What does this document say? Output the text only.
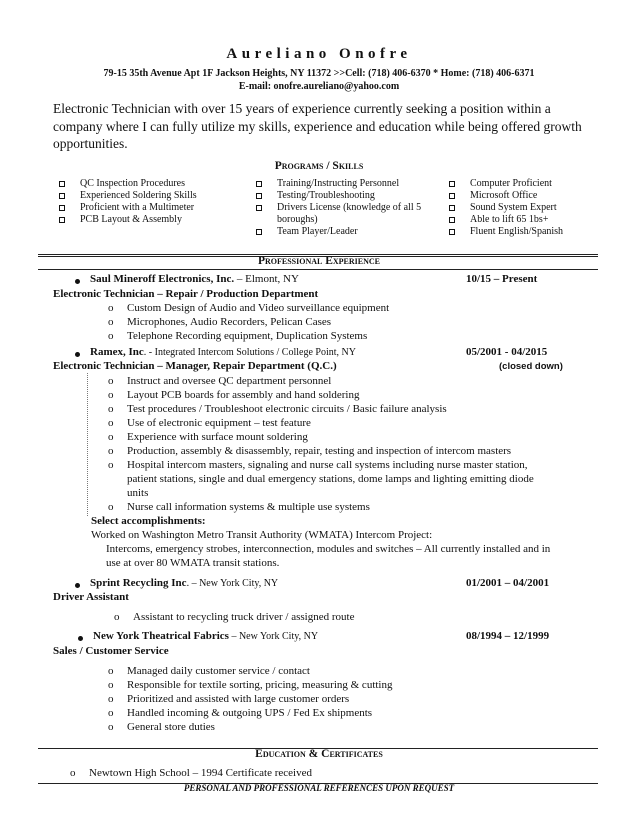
Aureliano Onofre
79-15 35th Avenue Apt 1F Jackson Heights, NY 11372 >>Cell: (718) 406-6370 * Home: (718) 406-6371
E-mail: onofre.aureliano@yahoo.com
Electronic Technician with over 15 years of experience currently seeking a position within a company where I can fully utilize my skills, experience and education while being offered growth opportunities.
Programs / Skills

QC Inspection Procedures

Experienced Soldering Skills

Proficient with a Multimeter

PCB Layout & Assembly

Training/Instructing Personnel

Testing/Troubleshooting

Drivers License (knowledge of all 5 boroughs)

Team Player/Leader

Computer Proficient

Microsoft Office

Sound System Expert

Able to lift 65 1bs+

Fluent English/Spanish

Professional Experience
Saul Mineroff Electronics, Inc. – Elmont, NY	10/15 – Present
Electronic Technician – Repair / Production Department
o Custom Design of Audio and Video surveillance equipment
o Microphones, Audio Recorders, Pelican Cases
o Telephone Recording equipment, Duplication Systems
Ramex, Inc. - Integrated Intercom Solutions / College Point, NY	05/2001 - 04/2015
Electronic Technician – Manager, Repair Department (Q.C.)	(closed down)
o Instruct and oversee QC department personnel
o Layout PCB boards for assembly and hand soldering
o Test procedures / Troubleshoot electronic circuits / Basic failure analysis
o Use of electronic equipment – test feature
o Experience with surface mount soldering
o Production, assembly & disassembly, repair, testing and inspection of intercom masters
o Hospital intercom masters, signaling and nurse call systems including nurse master station,
patient stations, single and dual emergency stations, dome lamps and lighting emitting diode
units
o Nurse call information systems & multiple use systems
Select accomplishments:
Worked on Washington Metro Transit Authority (WMATA) Intercom Project:
Intercoms, emergency strobes, interconnection, modules and switches – All currently installed and in
use at over 80 WMATA transit stations.
Sprint Recycling Inc. – New York City, NY	01/2001 – 04/2001
Driver Assistant
o Assistant to recycling truck driver / assigned route
New York Theatrical Fabrics – New York City, NY	08/1994 – 12/1999
Sales / Customer Service
o Managed daily customer service / contact
o Responsible for textile sorting, pricing, measuring & cutting
o Prioritized and assisted with large customer orders
o Handled incoming & outgoing UPS / Fed Ex shipments
o General store duties
Education & Certificates
o Newtown High School – 1994 Certificate received
PERSONAL AND PROFESSIONAL REFERENCES UPON REQUEST
